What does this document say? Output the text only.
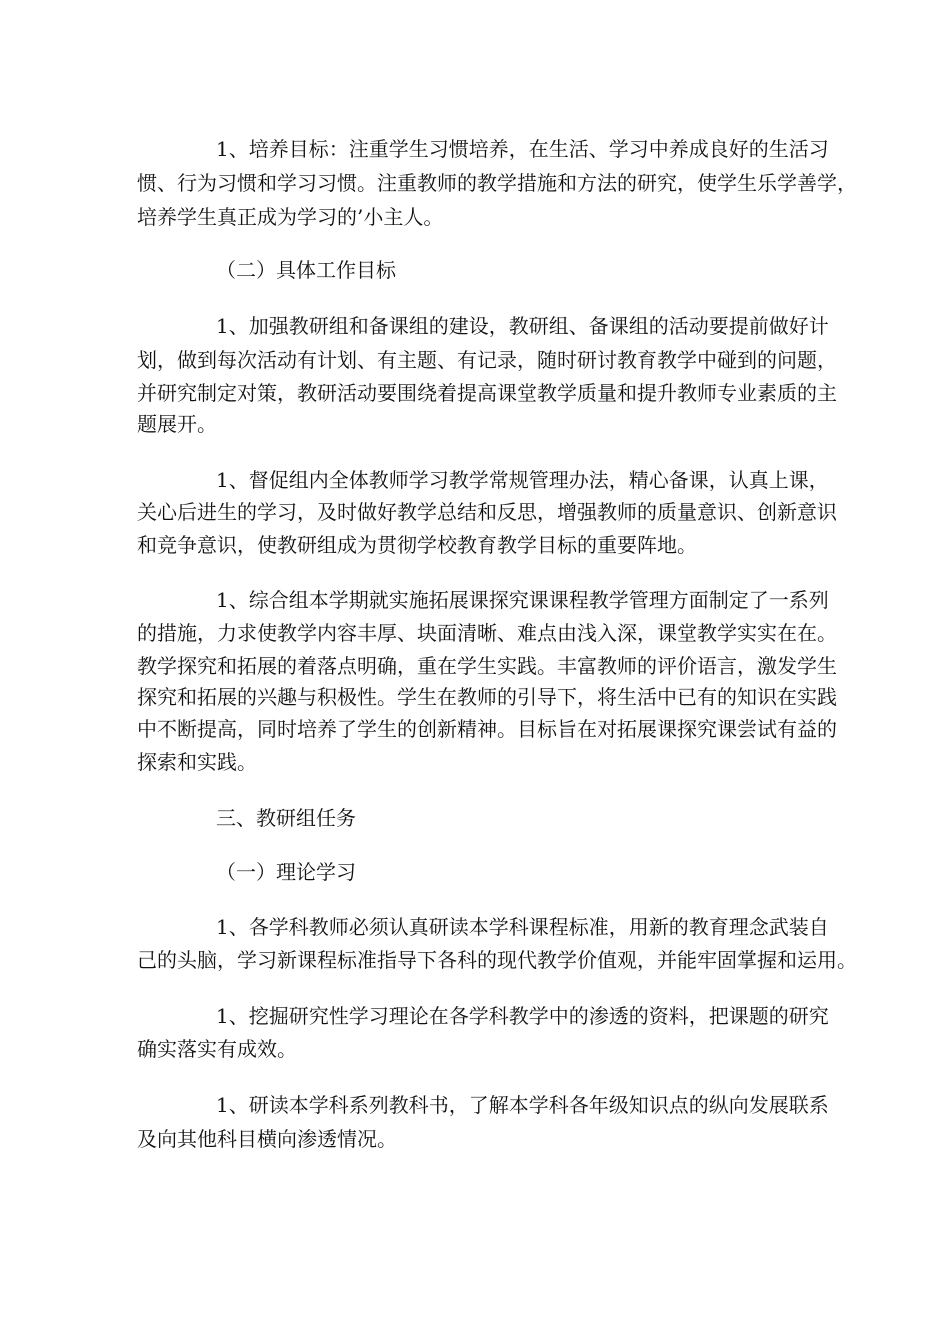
1、培养目标：注重学生习惯培养，在生活、学习中养成良好的生活习

惯、行为习惯和学习习惯。注重教师的教学措施和方法的研究，使学生乐学善学，

培养学生真正成为学习的’小主人。

（二）具体工作目标

1、加强教研组和备课组的建设，教研组、备课组的活动要提前做好计

划，做到每次活动有计划、有主题、有记录，随时研讨教育教学中碰到的问题，

并研究制定对策，教研活动要围绕着提高课堂教学质量和提升教师专业素质的主

题展开。

1、督促组内全体教师学习教学常规管理办法，精心备课，认真上课，

关心后进生的学习，及时做好教学总结和反思，增强教师的质量意识、创新意识

和竞争意识，使教研组成为贯彻学校教育教学目标的重要阵地。

1、综合组本学期就实施拓展课探究课课程教学管理方面制定了一系列

的措施，力求使教学内容丰厚、块面清晰、难点由浅入深，课堂教学实实在在。

教学探究和拓展的着落点明确，重在学生实践。丰富教师的评价语言，激发学生

探究和拓展的兴趣与积极性。学生在教师的引导下，将生活中已有的知识在实践

中不断提高，同时培养了学生的创新精神。目标旨在对拓展课探究课尝试有益的

探索和实践。

三、教研组任务

（一）理论学习

1、各学科教师必须认真研读本学科课程标准，用新的教育理念武装自

己的头脑，学习新课程标准指导下各科的现代教学价值观，并能牢固掌握和运用。

1、挖掘研究性学习理论在各学科教学中的渗透的资料，把课题的研究

确实落实有成效。

1、研读本学科系列教科书，了解本学科各年级知识点的纵向发展联系

及向其他科目横向渗透情况。
